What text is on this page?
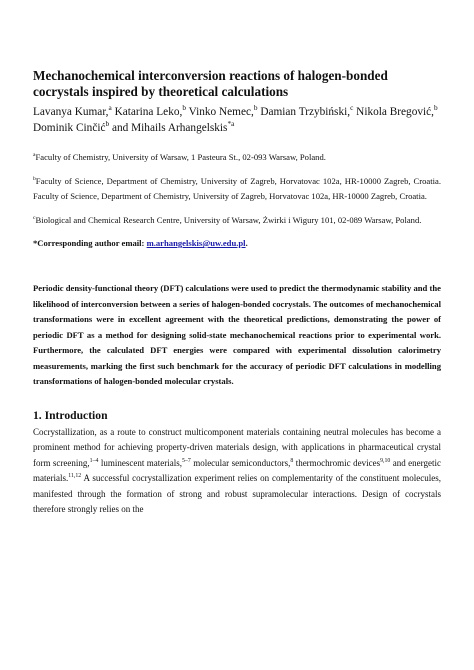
Mechanochemical interconversion reactions of halogen-bonded cocrystals inspired by theoretical calculations

Lavanya Kumar,$^a$ Katarina Leko,$^b$ Vinko Nemec,$^b$ Damian Trzybiński,$^c$ Nikola Bregović,$^b$ Dominik Cinčić$^b$ and Mihails Arhangelskis$^{*a}$

$^a$Faculty of Chemistry, University of Warsaw, 1 Pasteura St., 02-093 Warsaw, Poland.

$^b$Faculty of Science, Department of Chemistry, University of Zagreb, Horvatovac 102a, HR-10000 Zagreb, Croatia. Faculty of Science, Department of Chemistry, University of Zagreb, Horvatovac 102a, HR-10000 Zagreb, Croatia.

$^c$Biological and Chemical Research Centre, University of Warsaw, Żwirki i Wigury 101, 02-089 Warsaw, Poland.

*Corresponding author email: m.arhangelskis@uw.edu.pl.

Periodic density-functional theory (DFT) calculations were used to predict the thermodynamic stability and the likelihood of interconversion between a series of halogen-bonded cocrystals. The outcomes of mechanochemical transformations were in excellent agreement with the theoretical predictions, demonstrating the power of periodic DFT as a method for designing solid-state mechanochemical reactions prior to experimental work. Furthermore, the calculated DFT energies were compared with experimental dissolution calorimetry measurements, marking the first such benchmark for the accuracy of periodic DFT calculations in modelling transformations of halogen-bonded molecular crystals.

1. Introduction

Cocrystallization, as a route to construct multicomponent materials containing neutral molecules has become a prominent method for achieving property-driven materials design, with applications in pharmaceutical crystal form screening,$^{1-4}$ luminescent materials,$^{5-7}$ molecular semiconductors,$^8$ thermochromic devices$^{9,10}$ and energetic materials.$^{11,12}$ A successful cocrystallization experiment relies on complementarity of the constituent molecules, manifested through the formation of strong and robust supramolecular interactions. Design of cocrystals therefore strongly relies on the
